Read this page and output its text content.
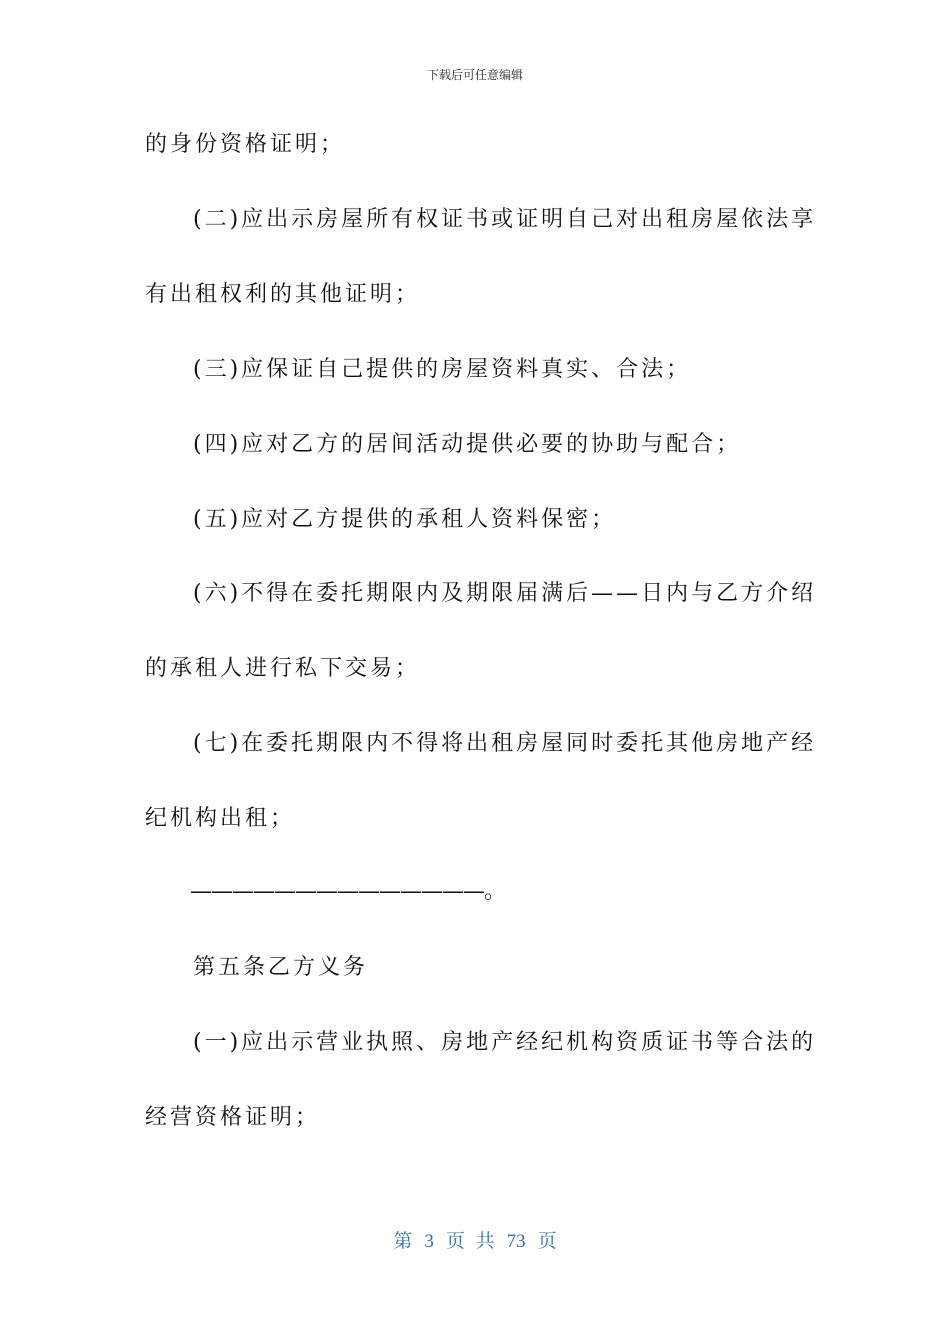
下载后可任意编辑
的身份资格证明；
(二)应出示房屋所有权证书或证明自己对出租房屋依法享
有出租权利的其他证明；
(三)应保证自己提供的房屋资料真实、合法；
(四)应对乙方的居间活动提供必要的协助与配合；
(五)应对乙方提供的承租人资料保密；
(六)不得在委托期限内及期限届满后——日内与乙方介绍
的承租人进行私下交易；
(七)在委托期限内不得将出租房屋同时委托其他房地产经
纪机构出租；
——————————————。
第五条乙方义务
(一)应出示营业执照、房地产经纪机构资质证书等合法的
经营资格证明；
第 3 页 共 73 页
